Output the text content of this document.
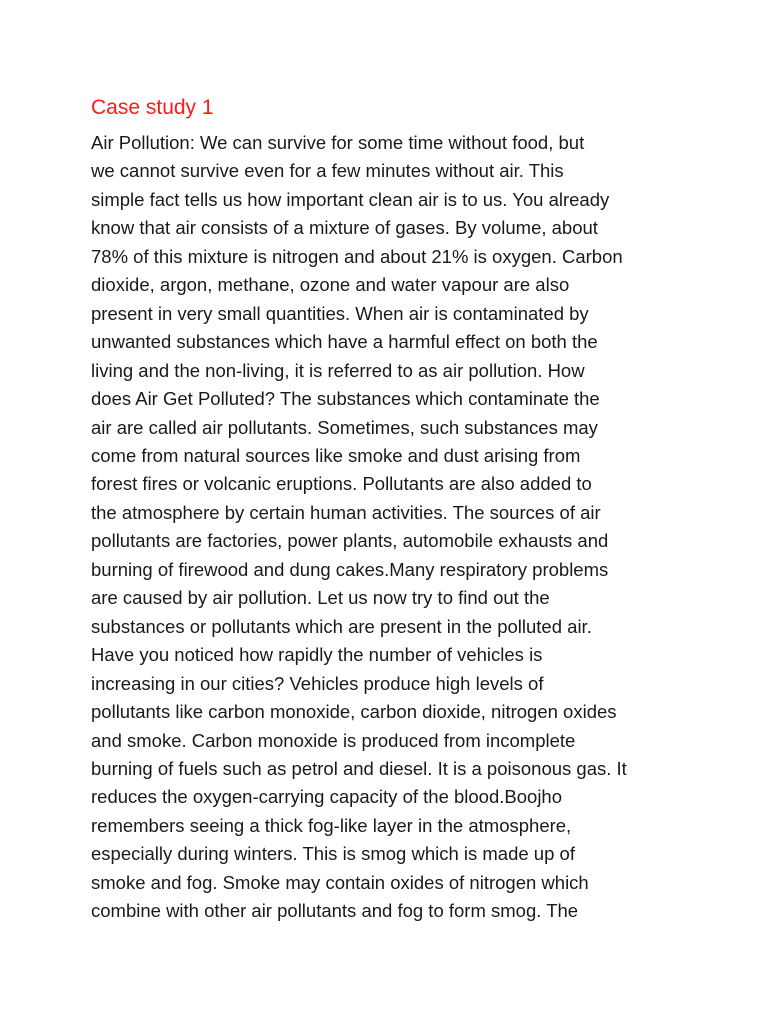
Case study 1
Air Pollution: We can survive for some time without food, but
we cannot survive even for a few minutes without air. This
simple fact tells us how important clean air is to us. You already
know that air consists of a mixture of gases. By volume, about
78% of this mixture is nitrogen and about 21% is oxygen. Carbon
dioxide, argon, methane, ozone and water vapour are also
present in very small quantities. When air is contaminated by
unwanted substances which have a harmful effect on both the
living and the non-living, it is referred to as air pollution. How
does Air Get Polluted? The substances which contaminate the
air are called air pollutants. Sometimes, such substances may
come from natural sources like smoke and dust arising from
forest fires or volcanic eruptions. Pollutants are also added to
the atmosphere by certain human activities. The sources of air
pollutants are factories, power plants, automobile exhausts and
burning of firewood and dung cakes.Many respiratory problems
are caused by air pollution. Let us now try to find out the
substances or pollutants which are present in the polluted air.
Have you noticed how rapidly the number of vehicles is
increasing in our cities? Vehicles produce high levels of
pollutants like carbon monoxide, carbon dioxide, nitrogen oxides
and smoke. Carbon monoxide is produced from incomplete
burning of fuels such as petrol and diesel. It is a poisonous gas. It
reduces the oxygen-carrying capacity of the blood.Boojho
remembers seeing a thick fog-like layer in the atmosphere,
especially during winters. This is smog which is made up of
smoke and fog. Smoke may contain oxides of nitrogen which
combine with other air pollutants and fog to form smog. The
